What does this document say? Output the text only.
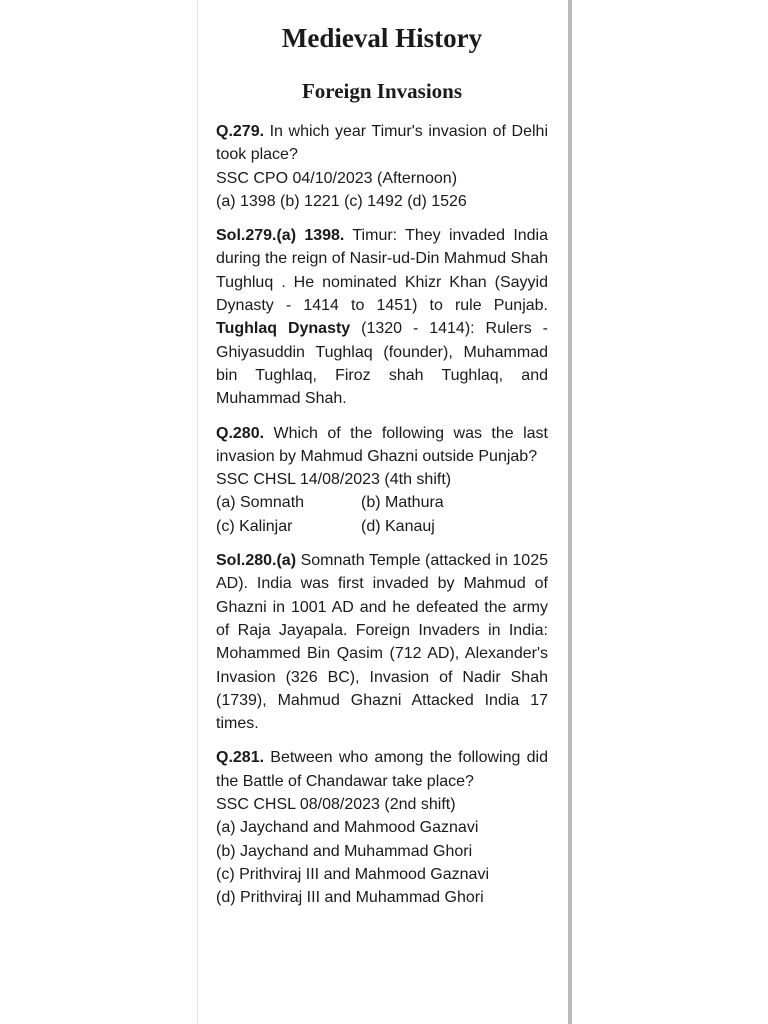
Medieval History
Foreign Invasions
Q.279. In which year Timur's invasion of Delhi took place?
SSC CPO 04/10/2023 (Afternoon)
(a) 1398 (b) 1221 (c) 1492 (d) 1526
Sol.279.(a) 1398. Timur: They invaded India during the reign of Nasir-ud-Din Mahmud Shah Tughluq . He nominated Khizr Khan (Sayyid Dynasty - 1414 to 1451) to rule Punjab. Tughlaq Dynasty (1320 - 1414): Rulers - Ghiyasuddin Tughlaq (founder), Muhammad bin Tughlaq, Firoz shah Tughlaq, and Muhammad Shah.
Q.280. Which of the following was the last invasion by Mahmud Ghazni outside Punjab?
SSC CHSL 14/08/2023 (4th shift)
(a) Somnath	(b) Mathura
(c) Kalinjar	(d) Kanauj
Sol.280.(a) Somnath Temple (attacked in 1025 AD). India was first invaded by Mahmud of Ghazni in 1001 AD and he defeated the army of Raja Jayapala. Foreign Invaders in India: Mohammed Bin Qasim (712 AD), Alexander's Invasion (326 BC), Invasion of Nadir Shah (1739), Mahmud Ghazni Attacked India 17 times.
Q.281. Between who among the following did the Battle of Chandawar take place?
SSC CHSL 08/08/2023 (2nd shift)
(a) Jaychand and Mahmood Gaznavi
(b) Jaychand and Muhammad Ghori
(c) Prithviraj III and Mahmood Gaznavi
(d) Prithviraj III and Muhammad Ghori
